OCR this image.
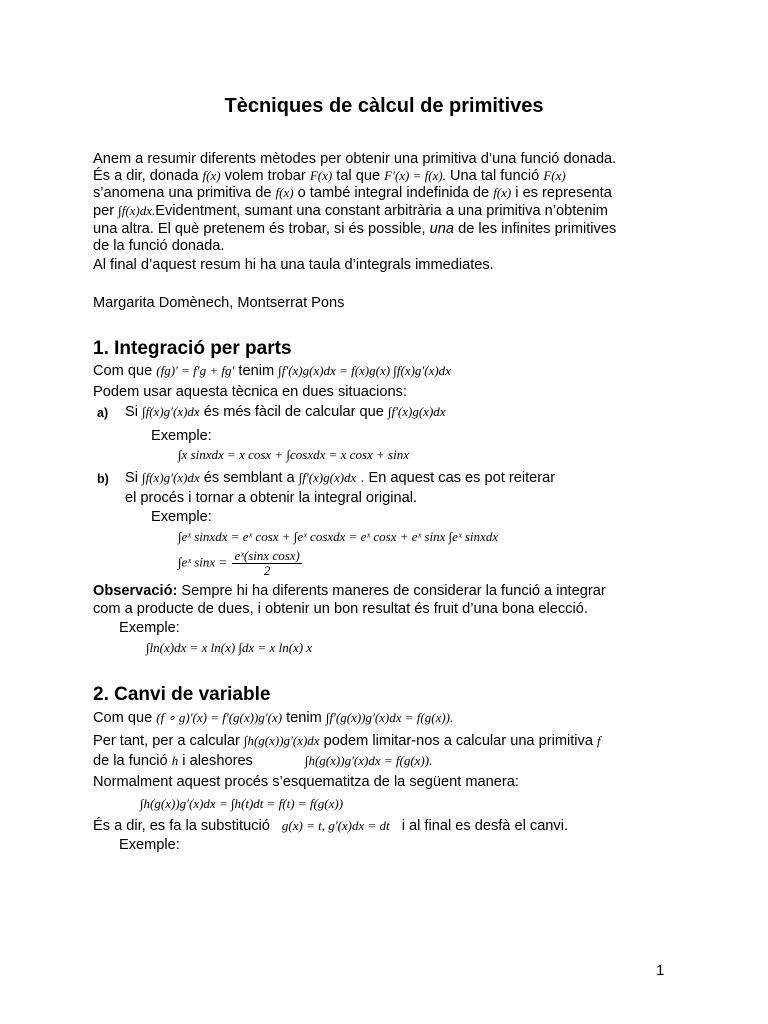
Tècniques de càlcul de primitives
Anem a resumir diferents mètodes per obtenir una primitiva d’una funció donada.
És a dir, donada f(x) volem trobar F(x) tal que F′(x) = f(x). Una tal funció F(x)
s’anomena una primitiva de f(x) o també integral indefinida de f(x) i es representa
per ∫f(x)dx.Evidentment, sumant una constant arbitrària a una primitiva n’obtenim
una altra. El què pretenem és trobar, si és possible, una de les infinites primitives
de la funció donada.
Al final d’aquest resum hi ha una taula d’integrals immediates.
Margarita Domènech, Montserrat Pons
1. Integració per parts
Com que (fg)′ = f′g + fg′ tenim ∫f′(x)g(x)dx = f(x)g(x) ∫f(x)g′(x)dx
Podem usar aquesta tècnica en dues situacions:
a) Si ∫f(x)g′(x)dx és més fàcil de calcular que ∫f′(x)g(x)dx
Exemple:
∫x sinxdx = x cosx + ∫cosxdx = x cosx + sinx
b) Si ∫f(x)g′(x)dx és semblant a ∫f′(x)g(x)dx . En aquest cas es pot reiterar
el procés i tornar a obtenir la integral original.
Exemple:
∫eˣ sinxdx = eˣ cosx + ∫eˣ cosxdx = eˣ cosx + eˣ sinx ∫eˣ sinxdx
∫eˣ $\sin x = \frac{\text{eˣ(sinx cosx)}}{2}$
Observació: Sempre hi ha diferents maneres de considerar la funció a integrar
com a producte de dues, i obtenir un bon resultat és fruit d’una bona elecció.
Exemple:
∫ln(x)dx = x ln(x) ∫dx = x ln(x) x
2. Canvi de variable
Com que (f ∘ g)′(x) = f′(g(x))g′(x) tenim ∫f′(g(x))g′(x)dx = f(g(x)).
Per tant, per a calcular ∫h(g(x))g′(x)dx podem limitar-nos a calcular una primitiva f
de la funció h i aleshores	∫h(g(x))g′(x)dx = f(g(x)).
Normalment aquest procés s’esquematitza de la següent manera:
∫h(g(x))g′(x)dx = ∫h(t)dt = f(t) = f(g(x))
És a dir, es fa la substitució g(x) = t, g′(x)dx = dt i al final es desfà el canvi.
Exemple:
1
